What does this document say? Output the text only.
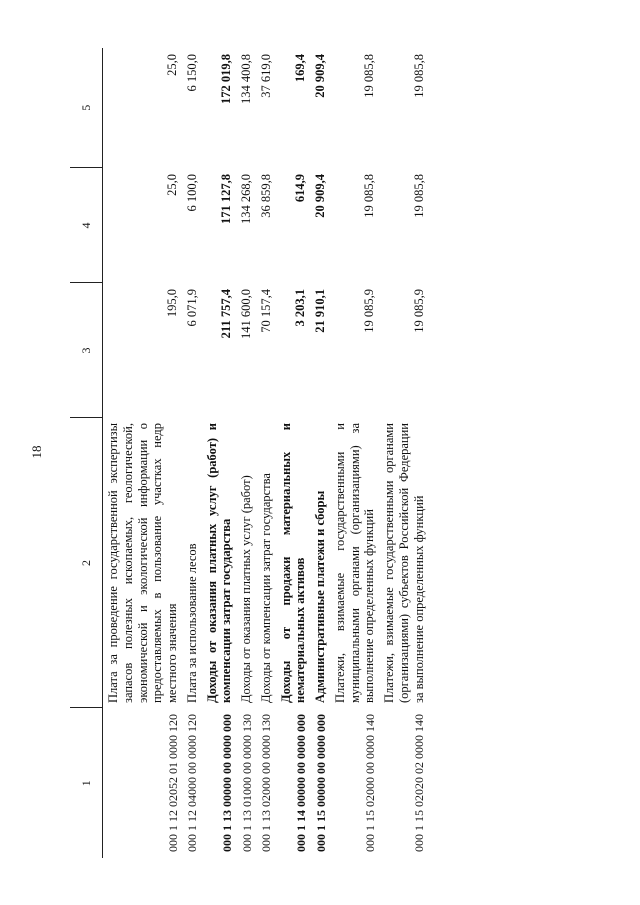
18
1	2	3	4	5
000 1 12 02052 01 0000 120	Плата за проведение государственной экспертизы запасов полезных ископаемых, геологической, экономической и экологической информации о предоставляемых в пользование участках недр местного значения	195,0	25,0	25,0
000 1 12 04000 00 0000 120	Плата за использование лесов	6 071,9	6 100,0	6 150,0
000 1 13 00000 00 0000 000	Доходы от оказания платных услуг (работ) и компенсации затрат государства	211 757,4	171 127,8	172 019,8
000 1 13 01000 00 0000 130	Доходы от оказания платных услуг (работ)	141 600,0	134 268,0	134 400,8
000 1 13 02000 00 0000 130	Доходы от компенсации затрат государства	70 157,4	36 859,8	37 619,0
000 1 14 00000 00 0000 000	Доходы от продажи материальных и нематериальных активов	3 203,1	614,9	169,4
000 1 15 00000 00 0000 000	Административные платежи и сборы	21 910,1	20 909,4	20 909,4
000 1 15 02000 00 0000 140	Платежи, взимаемые государственными и муниципальными органами (организациями) за выполнение определенных функций	19 085,9	19 085,8	19 085,8
000 1 15 02020 02 0000 140	Платежи, взимаемые государственными органами (организациями) субъектов Российской Федерации за выполнение определенных функций	19 085,9	19 085,8	19 085,8
